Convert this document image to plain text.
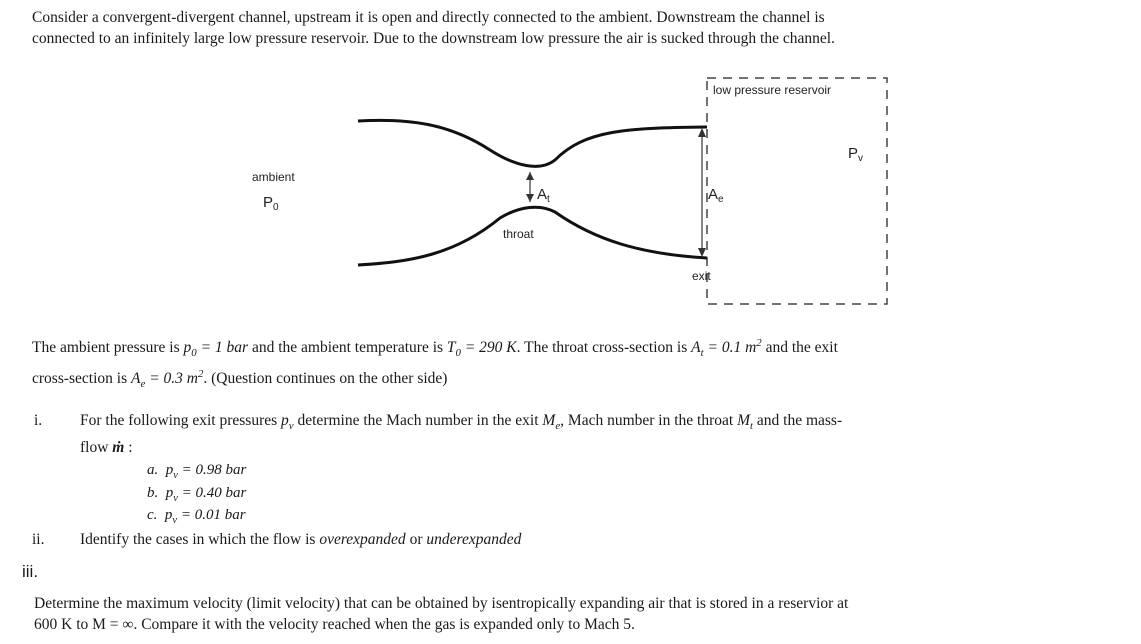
Consider a convergent-divergent channel, upstream it is open and directly connected to the ambient. Downstream the channel is
connected to an infinitely large low pressure reservoir. Due to the downstream low pressure the air is sucked through the channel.
low pressure reservoir
$P_v$
ambient
$P_0$
$A_t$	$A_e$
throat
exit
The ambient pressure is $p_0 = 1$ bar and the ambient temperature is $T_0 = 290$ K. The throat cross-section is $A_t = 0.1$ $m^2$ and the exit
cross-section is $A_e = 0.3$ $m^2$. (Question continues on the other side)
i. For the following exit pressures $p_v$ determine the Mach number in the exit $M_e$, Mach number in the throat $M_t$ and the mass-
flow ṁ :
a. $p_v = 0.98$ bar
b. $p_v = 0.40$ bar
c. $p_v = 0.01$ bar
ii. Identify the cases in which the flow is overexpanded or underexpanded
iii.
Determine the maximum velocity (limit velocity) that can be obtained by isentropically expanding air that is stored in a reservior at
600 K to M = ∞. Compare it with the velocity reached when the gas is expanded only to Mach 5.
